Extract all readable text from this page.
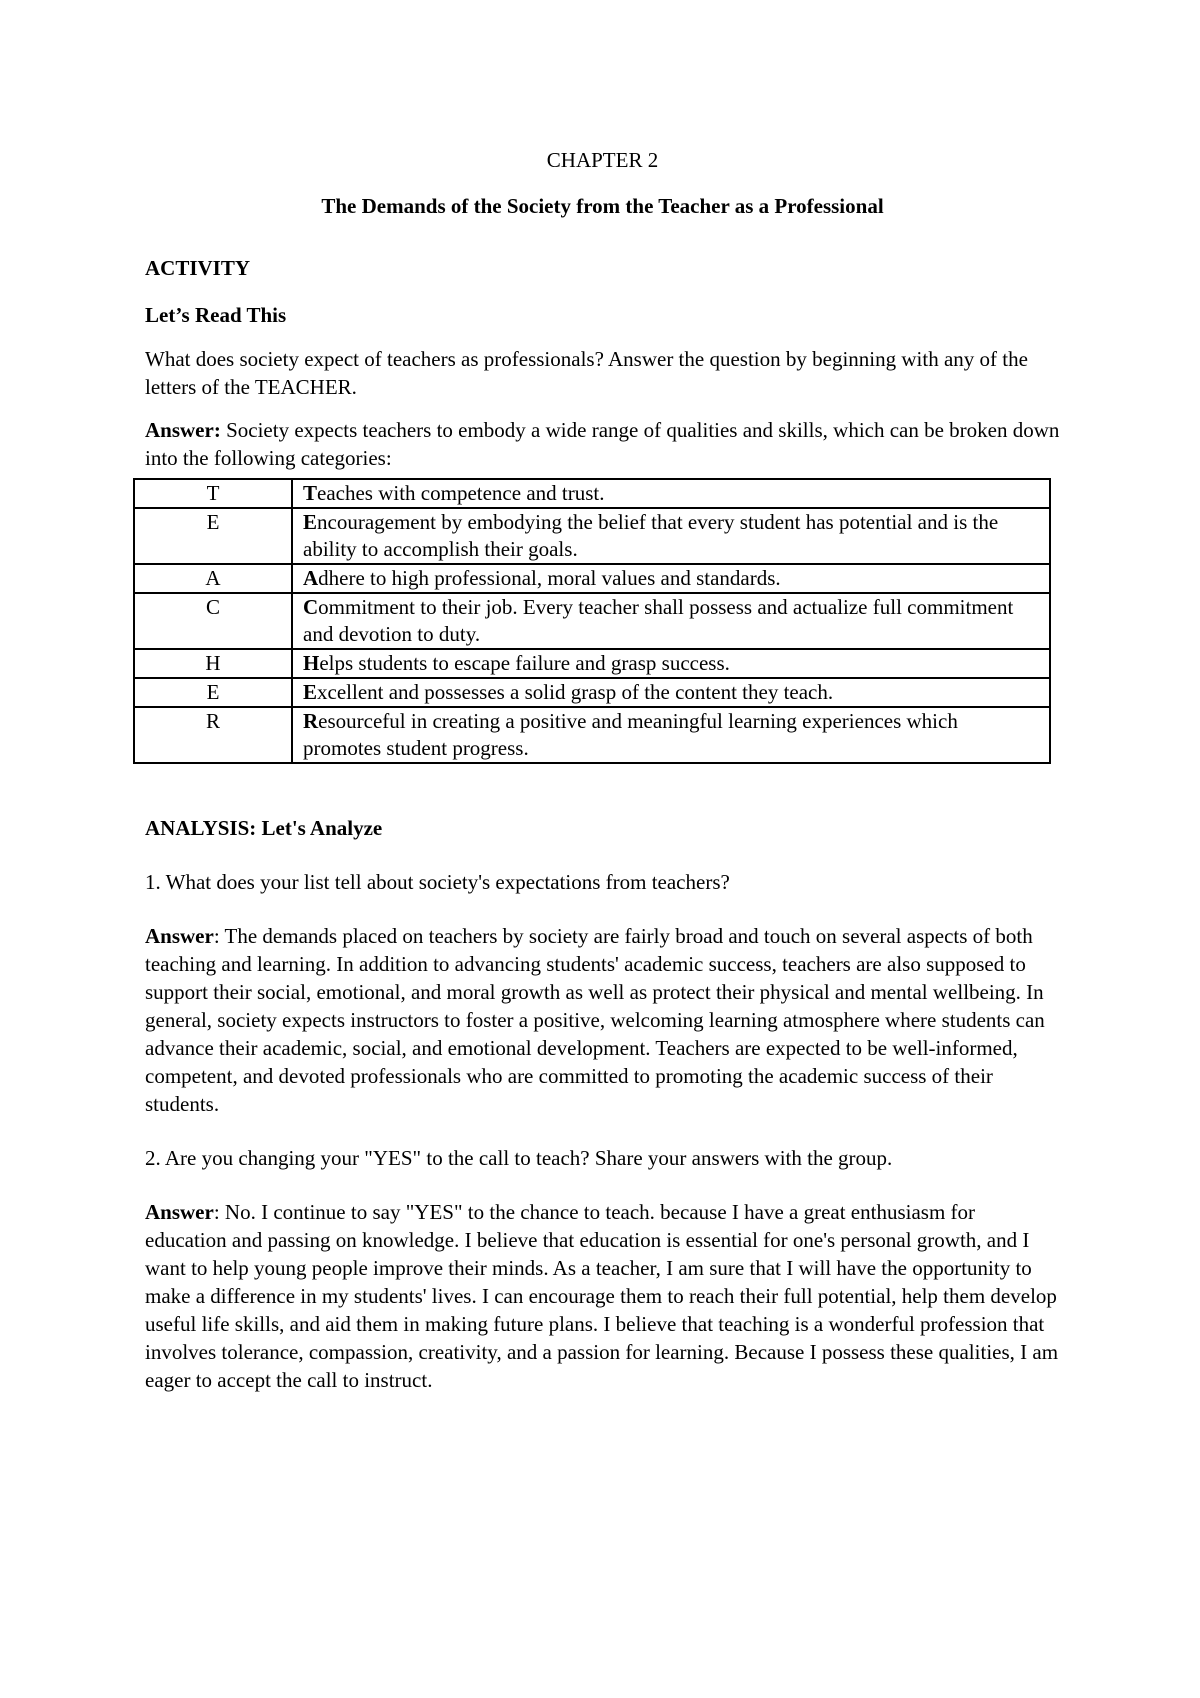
CHAPTER 2

The Demands of the Society from the Teacher as a Professional

ACTIVITY

Let’s Read This

What does society expect of teachers as professionals? Answer the question by beginning with any of the letters of the TEACHER.

Answer: Society expects teachers to embody a wide range of qualities and skills, which can be broken down into the following categories:

T	Teaches with competence and trust.
E	Encouragement by embodying the belief that every student has potential and is the ability to accomplish their goals.
A	Adhere to high professional, moral values and standards.
C	Commitment to their job. Every teacher shall possess and actualize full commitment and devotion to duty.
H	Helps students to escape failure and grasp success.
E	Excellent and possesses a solid grasp of the content they teach.
R	Resourceful in creating a positive and meaningful learning experiences which promotes student progress.

ANALYSIS: Let's Analyze

1. What does your list tell about society's expectations from teachers?

Answer: The demands placed on teachers by society are fairly broad and touch on several aspects of both teaching and learning. In addition to advancing students' academic success, teachers are also supposed to support their social, emotional, and moral growth as well as protect their physical and mental wellbeing. In general, society expects instructors to foster a positive, welcoming learning atmosphere where students can advance their academic, social, and emotional development. Teachers are expected to be well-informed, competent, and devoted professionals who are committed to promoting the academic success of their students.

2. Are you changing your "YES" to the call to teach? Share your answers with the group.

Answer: No. I continue to say "YES" to the chance to teach. because I have a great enthusiasm for education and passing on knowledge. I believe that education is essential for one's personal growth, and I want to help young people improve their minds. As a teacher, I am sure that I will have the opportunity to make a difference in my students' lives. I can encourage them to reach their full potential, help them develop useful life skills, and aid them in making future plans. I believe that teaching is a wonderful profession that involves tolerance, compassion, creativity, and a passion for learning. Because I possess these qualities, I am eager to accept the call to instruct.
